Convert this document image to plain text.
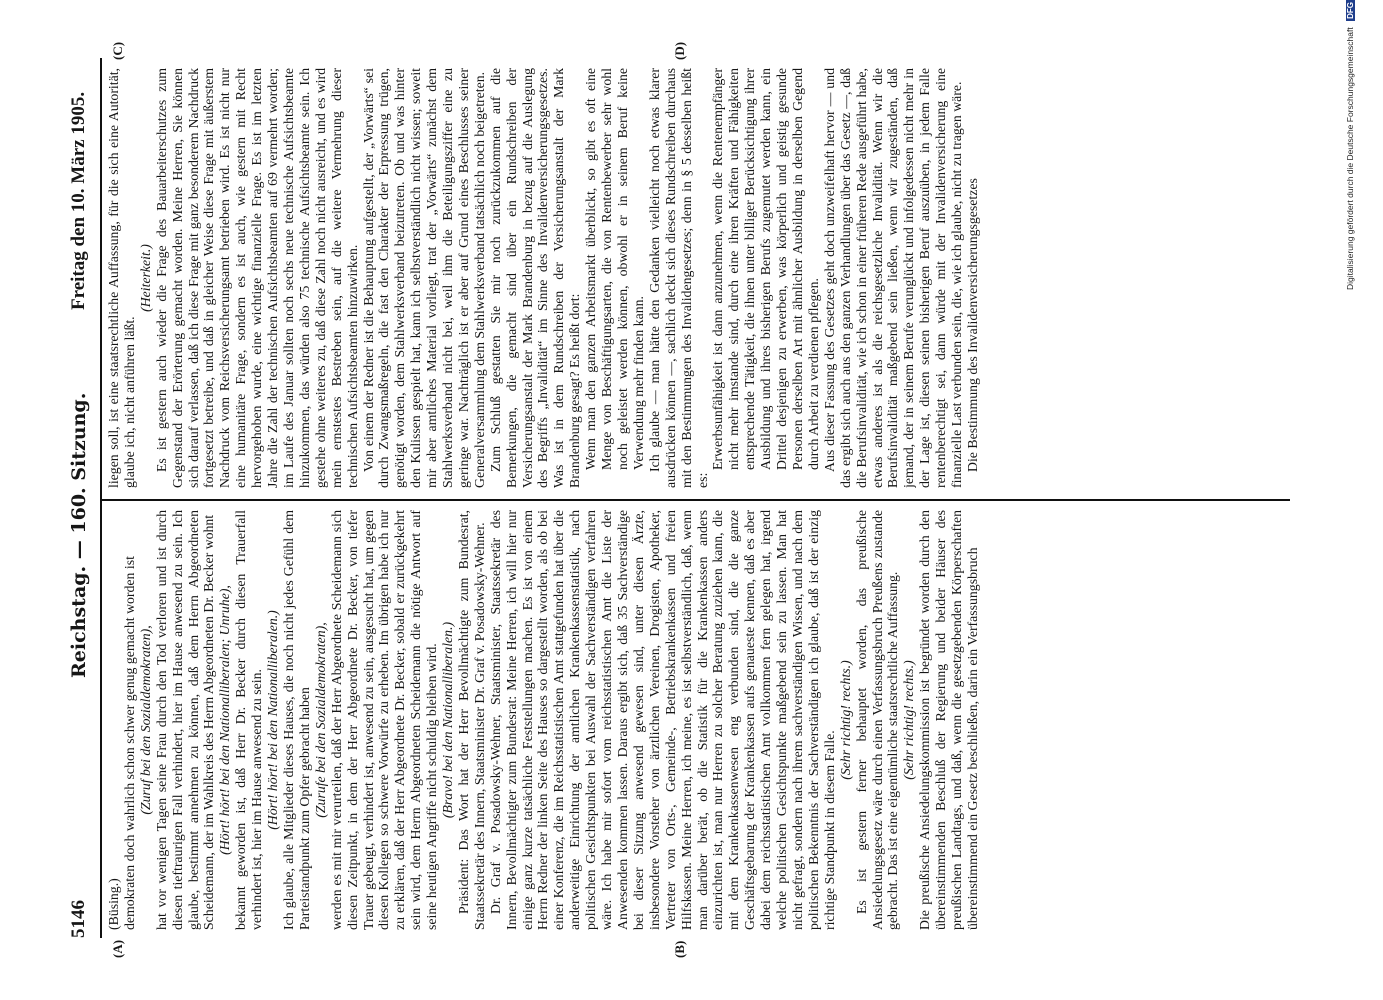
5146
Reichstag. — 160. Sitzung.
Freitag den 10. März 1905.
(A)	(B)
(C)	(D)

(Büsing.) demokraten doch wahrlich schon schwer genug gemacht worden ist (Zuruf bei den Sozialdemokraten), hat vor wenigen Tagen seine Frau durch den Tod verloren und ist durch diesen tieftraurigen Fall verhindert, hier im Hause anwesend zu sein. Ich glaube, bestimmt annehmen zu können, daß dem Herrn Abgeordneten Scheidemann, der im Wahlkreis des Herrn Abgeordneten Dr. Becker wohnt (Hört! hört! bei den Nationalliberalen; Unruhe), bekannt geworden ist, daß Herr Dr. Becker durch diesen Trauerfall verhindert ist, hier im Hause anwesend zu sein. (Hört! hört! bei den Nationalliberalen.) Ich glaube, alle Mitglieder dieses Hauses, die noch nicht jedes Gefühl dem Parteistandpunkt zum Opfer gebracht haben (Zurufe bei den Sozialdemokraten), werden es mit mir verurteilen, daß der Herr Abgeordnete Scheidemann sich diesen Zeitpunkt, in dem der Herr Abgeordnete Dr. Becker, von tiefer Trauer gebeugt, verhindert ist, anwesend zu sein, ausgesucht hat, um gegen diesen Kollegen so schwere Vorwürfe zu erheben. Im übrigen habe ich nur zu erklären, daß der Herr Abgeordnete Dr. Becker, sobald er zurückgekehrt sein wird, dem Herrn Abgeordneten Scheidemann die nötige Antwort auf seine heutigen Angriffe nicht schuldig bleiben wird. (Bravo! bei den Nationalliberalen.) Präsident: Das Wort hat der Herr Bevollmächtigte zum Bundesrat, Staatssekretär des Innern, Staatsminister Dr. Graf v. Posadowsky-Wehner. Dr. Graf v. Posadowsky-Wehner, Staatsminister, Staatssekretär des Innern, Bevollmächtigter zum Bundesrat: Meine Herren, ich will hier nur einige ganz kurze tatsächliche Feststellungen machen. Es ist von einem Herrn Redner der linken Seite des Hauses so dargestellt worden, als ob bei einer Konferenz, die im Reichsstatistischen Amt stattgefunden hat über die anderweitige Einrichtung der amtlichen Krankenkassenstatistik, nach politischen Gesichtspunkten bei Auswahl der Sachverständigen verfahren wäre. Ich habe mir sofort vom reichsstatistischen Amt die Liste der Anwesenden kommen lassen. Daraus ergibt sich, daß 35 Sachverständige bei dieser Sitzung anwesend gewesen sind, unter diesen Ärzte, insbesondere Vorsteher von ärztlichen Vereinen, Drogisten, Apotheker, Vertreter von Orts-, Gemeinde-, Betriebskrankenkassen und freien Hilfskassen. Meine Herren, ich meine, es ist selbstverständlich, daß, wenn man darüber berät, ob die Statistik für die Krankenkassen anders einzurichten ist, man nur Herren zu solcher Beratung zuziehen kann, die mit dem Krankenkassenwesen eng verbunden sind, die die ganze Geschäftsgebarung der Krankenkassen aufs genaueste kennen, daß es aber dabei dem reichsstatistischen Amt vollkommen fern gelegen hat, irgend welche politischen Gesichtspunkte maßgebend sein zu lassen. Man hat nicht gefragt, sondern nach ihrem sachverständigen Wissen, und nach dem politischen Bekenntnis der Sachverständigen ich glaube, daß ist der einzig richtige Standpunkt in diesem Falle.

(Sehr richtig! rechts.) Es ist gestern ferner behauptet worden, das preußische Ansiedelungsgesetz wäre durch einen Verfassungsbruch Preußens zustande gebracht. Das ist eine eigentümliche staatsrechtliche Auffassung. (Sehr richtig! rechts.) Die preußische Ansiedelungskommission ist begründet worden durch den übereinstimmenden Beschluß der Regierung und beider Häuser des preußischen Landtags, und daß, wenn die gesetzgebenden Körperschaften übereinstimmend ein Gesetz beschließen, darin ein Verfassungsbruch

liegen soll, ist eine staatsrechtliche Auffassung, für die sich eine Autorität, glaube ich, nicht anführen läßt.

(Heiterkeit.) Es ist gestern auch wieder die Frage des Bauarbeiterschutzes zum Gegenstand der Erörterung gemacht worden. Meine Herren, Sie können sich darauf verlassen, daß ich diese Frage mit ganz besonderem Nachdruck fortgesetzt betreibe, und daß in gleicher Weise diese Frage mit äußerstem Nachdruck vom Reichsversicherungsamt betrieben wird. Es ist nicht nur eine humanitäre Frage, sondern es ist auch, wie gestern mit Recht hervorgehoben wurde, eine wichtige finanzielle Frage. Es ist im letzten Jahre die Zahl der technischen Aufsichtsbeamten auf 69 vermehrt worden; im Laufe des Januar sollten noch sechs neue technische Aufsichtsbeamte hinzukommen, das würden also 75 technische Aufsichtsbeamte sein. Ich gestehe ohne weiteres zu, daß diese Zahl noch nicht ausreicht, und es wird mein ernstestes Bestreben sein, auf die weitere Vermehrung dieser technischen Aufsichtsbeamten hinzuwirken. Von einem der Redner ist die Behauptung aufgestellt, der „Vorwärts“ sei durch Zwangsmaßregeln, die fast den Charakter der Erpressung trügen, genötigt worden, dem Stahlwerksverband beizutreten. Ob und was hinter den Kulissen gespielt hat, kann ich selbstverständlich nicht wissen; soweit mir aber amtliches Material vorliegt, trat der „Vorwärts“ zunächst dem Stahlwerksverband nicht bei, weil ihm die Beteiligungsziffer eine zu geringe war. Nachträglich ist er aber auf Grund eines Beschlusses seiner Generalversammlung dem Stahlwerksverband tatsächlich noch beigetreten. Zum Schluß gestatten Sie mir noch zurückzukommen auf die Bemerkungen, die gemacht sind über ein Rundschreiben der Versicherungsanstalt der Mark Brandenburg in bezug auf die Auslegung des Begriffs „Invalidität“ im Sinne des Invalidenversicherungsgesetzes. Was ist in dem Rundschreiben der Versicherungsanstalt der Mark Brandenburg gesagt? Es heißt dort: Wenn man den ganzen Arbeitsmarkt überblickt, so gibt es oft eine Menge von Beschäftigungsarten, die von Rentenbewerber sehr wohl noch geleistet werden können, obwohl er in seinem Beruf keine Verwendung mehr finden kann. Ich glaube — man hätte den Gedanken vielleicht noch etwas klarer ausdrücken können —, sachlich deckt sich dieses Rundschreiben durchaus mit den Bestimmungen des Invalidengesetzes; denn in § 5 desselben heißt es:

Erwerbsunfähigkeit ist dann anzunehmen, wenn die Rentenempfänger nicht mehr imstande sind, durch eine ihren Kräften und Fähigkeiten entsprechende Tätigkeit, die ihnen unter billiger Berücksichtigung ihrer Ausbildung und ihres bisherigen Berufs zugemutet werden kann, ein Drittel desjenigen zu erwerben, was körperlich und geistig gesunde Personen derselben Art mit ähnlicher Ausbildung in derselben Gegend durch Arbeit zu verdienen pflegen. Aus dieser Fassung des Gesetzes geht doch unzweifelhaft hervor — und das ergibt sich auch aus den ganzen Verhandlungen über das Gesetz —, daß die Berufsinvalidität, wie ich schon in einer früheren Rede ausgeführt habe, etwas anderes ist als die reichsgesetzliche Invalidität. Wenn wir die Berufsinvalidität maßgebend sein ließen, wenn wir zugeständen, daß jemand, der in seinem Berufe verunglückt und infolgedessen nicht mehr in der Lage ist, diesen seinen bisherigen Beruf auszuüben, in jedem Falle rentenberechtigt sei, dann würde mit der Invalidenversicherung eine finanzielle Last verbunden sein, die, wie ich glaube, nicht zu tragen wäre. Die Bestimmung des Invalidenversicherungsgesetzes

Digitalisierung gefördert durch die Deutsche Forschungsgemeinschaft DFG
